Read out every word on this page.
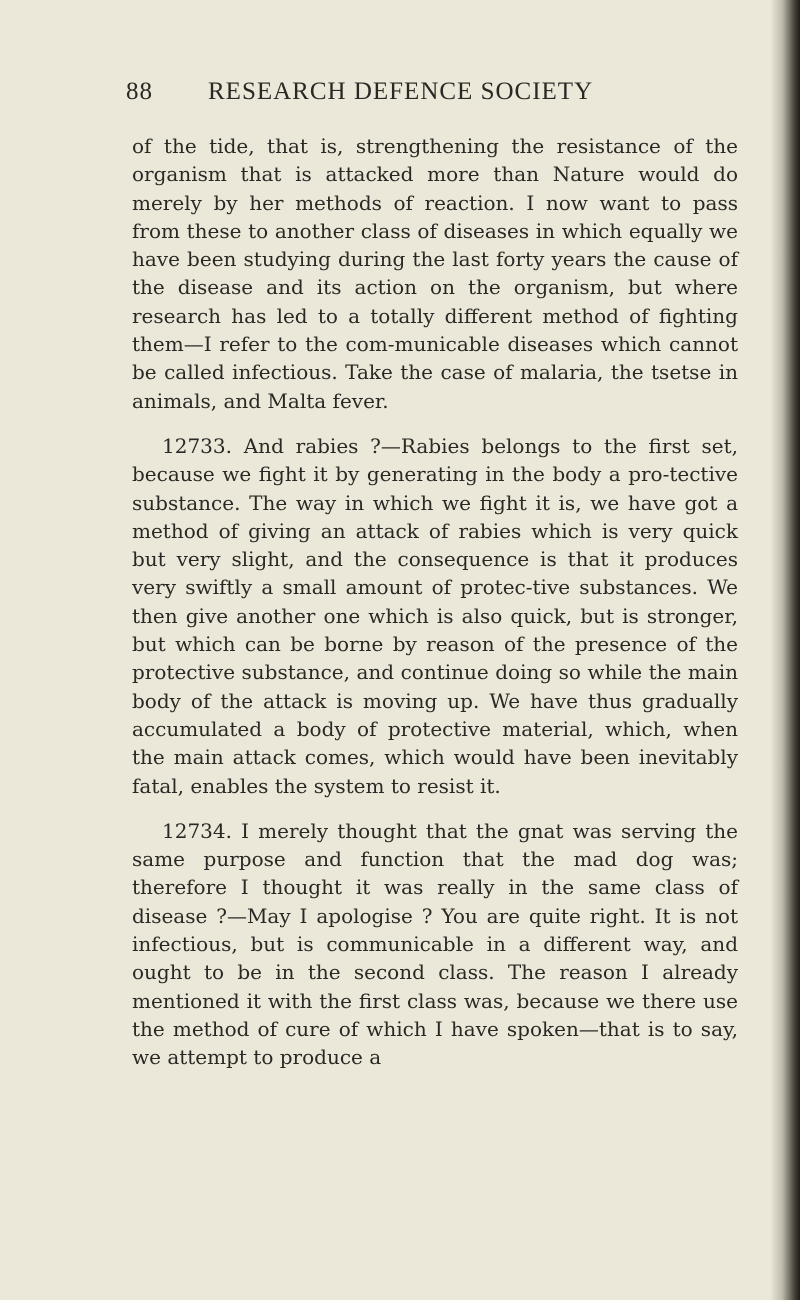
88 RESEARCH DEFENCE SOCIETY

of the tide, that is, strengthening the resistance of the organism that is attacked more than Nature would do merely by her methods of reaction. I now want to pass from these to another class of diseases in which equally we have been studying during the last forty years the cause of the disease and its action on the organism, but where research has led to a totally different method of fighting them—I refer to the com-municable diseases which cannot be called infectious. Take the case of malaria, the tsetse in animals, and Malta fever.

12733. And rabies ?—Rabies belongs to the first set, because we fight it by generating in the body a pro-tective substance. The way in which we fight it is, we have got a method of giving an attack of rabies which is very quick but very slight, and the consequence is that it produces very swiftly a small amount of protec-tive substances. We then give another one which is also quick, but is stronger, but which can be borne by reason of the presence of the protective substance, and continue doing so while the main body of the attack is moving up. We have thus gradually accumulated a body of protective material, which, when the main attack comes, which would have been inevitably fatal, enables the system to resist it.

12734. I merely thought that the gnat was serving the same purpose and function that the mad dog was; therefore I thought it was really in the same class of disease ?—May I apologise ? You are quite right. It is not infectious, but is communicable in a different way, and ought to be in the second class. The reason I already mentioned it with the first class was, because we there use the method of cure of which I have spoken—that is to say, we attempt to produce a
